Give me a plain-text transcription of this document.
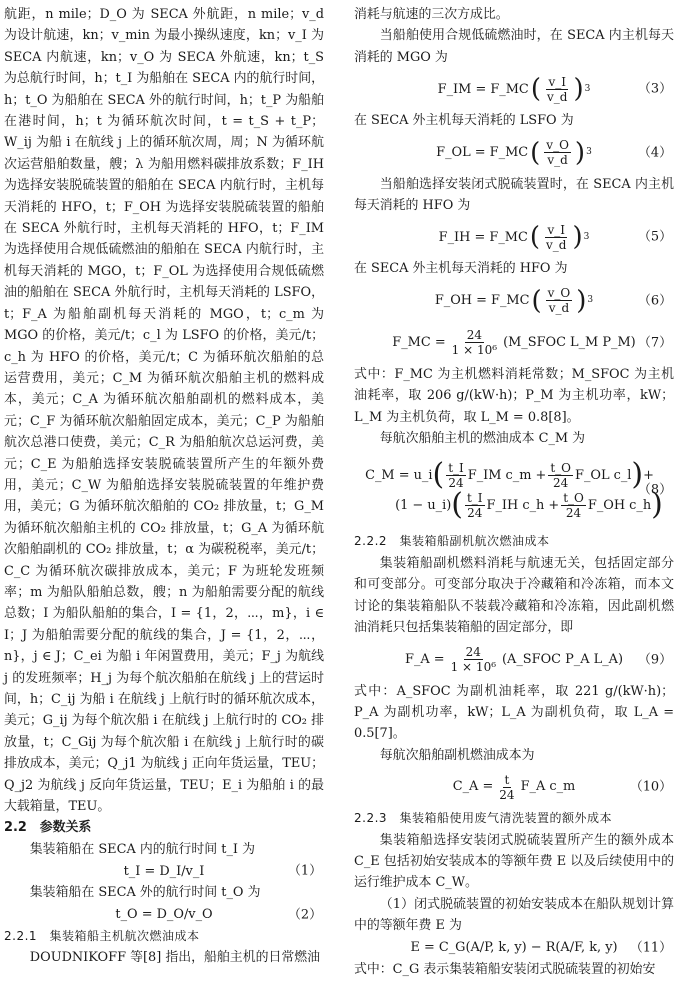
航距，n mile；D_O 为 SECA 外航距，n mile；v_d 为设计航速，kn；v_min 为最小操纵速度，kn；v_I 为 SECA 内航速，kn；v_O 为 SECA 外航速，kn；t_S 为总航行时间，h；t_I 为船舶在 SECA 内的航行时间，h；t_O 为船舶在 SECA 外的航行时间，h；t_P 为船舶在港时间，h；t 为循环航次时间，t = t_S + t_P；W_ij 为船 i 在航线 j 上的循环航次周，周；N 为循环航次运营船舶数量，艘；λ 为船用燃料碳排放系数；F_IH 为选择安装脱硫装置的船舶在 SECA 内航行时，主机每天消耗的 HFO，t；F_OH 为选择安装脱硫装置的船舶在 SECA 外航行时，主机每天消耗的 HFO，t；F_IM 为选择使用合规低硫燃油的船舶在 SECA 内航行时，主机每天消耗的 MGO，t；F_OL 为选择使用合规低硫燃油的船舶在 SECA 外航行时，主机每天消耗的 LSFO，t；F_A 为船舶副机每天消耗的 MGO，t；c_m 为 MGO 的价格，美元/t；c_l 为 LSFO 的价格，美元/t；c_h 为 HFO 的价格，美元/t；C 为循环航次船舶的总运营费用，美元；C_M 为循环航次船舶主机的燃料成本，美元；C_A 为循环航次船舶副机的燃料成本，美元；C_F 为循环航次船舶固定成本，美元；C_P 为船舶航次总港口使费，美元；C_R 为船舶航次总运河费，美元；C_E 为船舶选择安装脱硫装置所产生的年额外费用，美元；C_W 为船舶选择安装脱硫装置的年维护费用，美元；G 为循环航次船舶的 CO₂ 排放量，t；G_M 为循环航次船舶主机的 CO₂ 排放量，t；G_A 为循环航次船舶副机的 CO₂ 排放量，t；α 为碳税税率，美元/t；C_C 为循环航次碳排放成本，美元；F 为班轮发班频率；m 为船队船舶总数，艘；n 为船舶需要分配的航线总数；I 为船队船舶的集合，I = {1，2，⋯，m}，i ∈ I；J 为船舶需要分配的航线的集合，J = {1，2，⋯，n}，j ∈ J；C_ei 为船 i 年闲置费用，美元；F_j 为航线 j 的发班频率；H_j 为每个航次船舶在航线 j 上的营运时间，h；C_ij 为船 i 在航线 j 上航行时的循环航次成本，美元；G_ij 为每个航次船 i 在航线 j 上航行时的 CO₂ 排放量，t；C_Gij 为每个航次船 i 在航线 j 上航行时的碳排放成本，美元；Q_j1 为航线 j 正向年货运量，TEU；Q_j2 为航线 j 反向年货运量，TEU；E_i 为船舶 i 的最大载箱量，TEU。

2.2　参数关系

集装箱船在 SECA 内的航行时间 t_I 为

t_I = D_I/v_I	（1）

集装箱船在 SECA 外的航行时间 t_O 为

t_O = D_O/v_O	（2）

2.2.1　集装箱船主机航次燃油成本

DOUDNIKOFF 等[8] 指出，船舶主机的日常燃油

消耗与航速的三次方成比。

当船舶使用合规低硫燃油时，在 SECA 内主机每天消耗的 MGO 为

F_IM = F_MC ( $\frac{v\_I}{v\_d}$ ) 3	（3）

在 SECA 外主机每天消耗的 LSFO 为

F_OL = F_MC ( $\frac{v\_O}{v\_d}$ ) 3	（4）

当船舶选择安装闭式脱硫装置时，在 SECA 内主机每天消耗的 HFO 为

F_IH = F_MC ( $\frac{v\_I}{v\_d}$ ) 3	（5）

在 SECA 外主机每天消耗的 HFO 为

F_OH = F_MC ( $\frac{v\_O}{v\_d}$ ) 3	（6）
F_MC = $\frac{24}{\text{1 × 10⁶}}$ (M_SFOC L_M P_M) （7）

式中：F_MC 为主机燃料消耗常数；M_SFOC 为主机油耗率，取 206 g/(kW·h)；P_M 为主机功率，kW；L_M 为主机负荷，取 L_M = 0.8[8]。

每航次船舶主机的燃油成本 C_M 为

C_M = u_i ( $\frac{t\_I}{24}$ F_IM c_m + $\frac{t\_O}{24}$ F_OL c_l ) +
(1 − u_i) ( $\frac{t\_I}{24}$ F_IH c_h + $\frac{t\_O}{24}$ F_OH c_h )
（8）

2.2.2　集装箱船副机航次燃油成本

集装箱船副机燃料消耗与航速无关，包括固定部分和可变部分。可变部分取决于冷藏箱和冷冻箱，而本文讨论的集装箱船队不装载冷藏箱和冷冻箱，因此副机燃油消耗只包括集装箱船的固定部分，即

F_A = $\frac{24}{\text{1 × 10⁶}}$ (A_SFOC P_A L_A) （9）

式中：A_SFOC 为副机油耗率，取 221 g/(kW·h)；P_A 为副机功率，kW；L_A 为副机负荷，取 L_A = 0.5[7]。

每航次船舶副机燃油成本为

C_A = $\frac{t}{24}$ F_A c_m	（10）

2.2.3　集装箱船使用废气清洗装置的额外成本

集装箱船选择安装闭式脱硫装置所产生的额外成本 C_E 包括初始安装成本的等额年费 E 以及后续使用中的运行维护成本 C_W。

（1）闭式脱硫装置的初始安装成本在船队规划计算中的等额年费 E 为

E = C_G(A/P, k, y) − R(A/F, k, y) （11）

式中：C_G 表示集装箱船安装闭式脱硫装置的初始安
